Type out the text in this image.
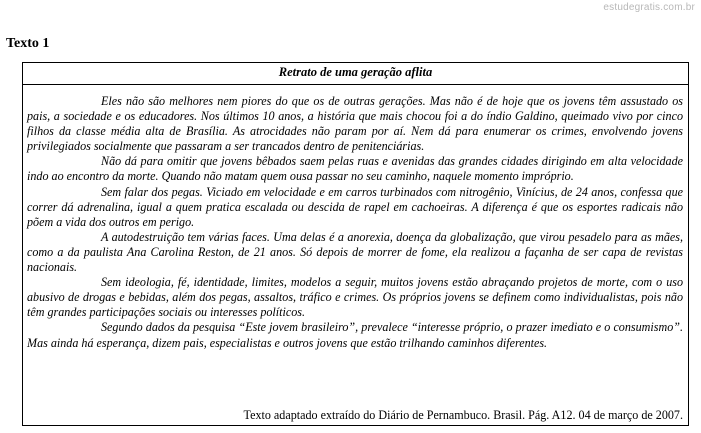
estudegratis.com.br
Texto 1
Retrato de uma geração aflita

Eles não são melhores nem piores do que os de outras gerações. Mas não é de hoje que os jovens têm assustado os pais, a sociedade e os educadores. Nos últimos 10 anos, a história que mais chocou foi a do índio Galdino, queimado vivo por cinco filhos da classe média alta de Brasília. As atrocidades não param por aí. Nem dá para enumerar os crimes, envolvendo jovens privilegiados socialmente que passaram a ser trancados dentro de penitenciárias.

Não dá para omitir que jovens bêbados saem pelas ruas e avenidas das grandes cidades dirigindo em alta velocidade indo ao encontro da morte. Quando não matam quem ousa passar no seu caminho, naquele momento impróprio.

Sem falar dos pegas. Viciado em velocidade e em carros turbinados com nitrogênio, Vinícius, de 24 anos, confessa que correr dá adrenalina, igual a quem pratica escalada ou descida de rapel em cachoeiras. A diferença é que os esportes radicais não põem a vida dos outros em perigo.

A autodestruição tem várias faces. Uma delas é a anorexia, doença da globalização, que virou pesadelo para as mães, como a da paulista Ana Carolina Reston, de 21 anos. Só depois de morrer de fome, ela realizou a façanha de ser capa de revistas nacionais.

Sem ideologia, fé, identidade, limites, modelos a seguir, muitos jovens estão abraçando projetos de morte, com o uso abusivo de drogas e bebidas, além dos pegas, assaltos, tráfico e crimes. Os próprios jovens se definem como individualistas, pois não têm grandes participações sociais ou interesses políticos.

Segundo dados da pesquisa “Este jovem brasileiro”, prevalece “interesse próprio, o prazer imediato e o consumismo”. Mas ainda há esperança, dizem pais, especialistas e outros jovens que estão trilhando caminhos diferentes.

Texto adaptado extraído do Diário de Pernambuco. Brasil. Pág. A12. 04 de março de 2007.
